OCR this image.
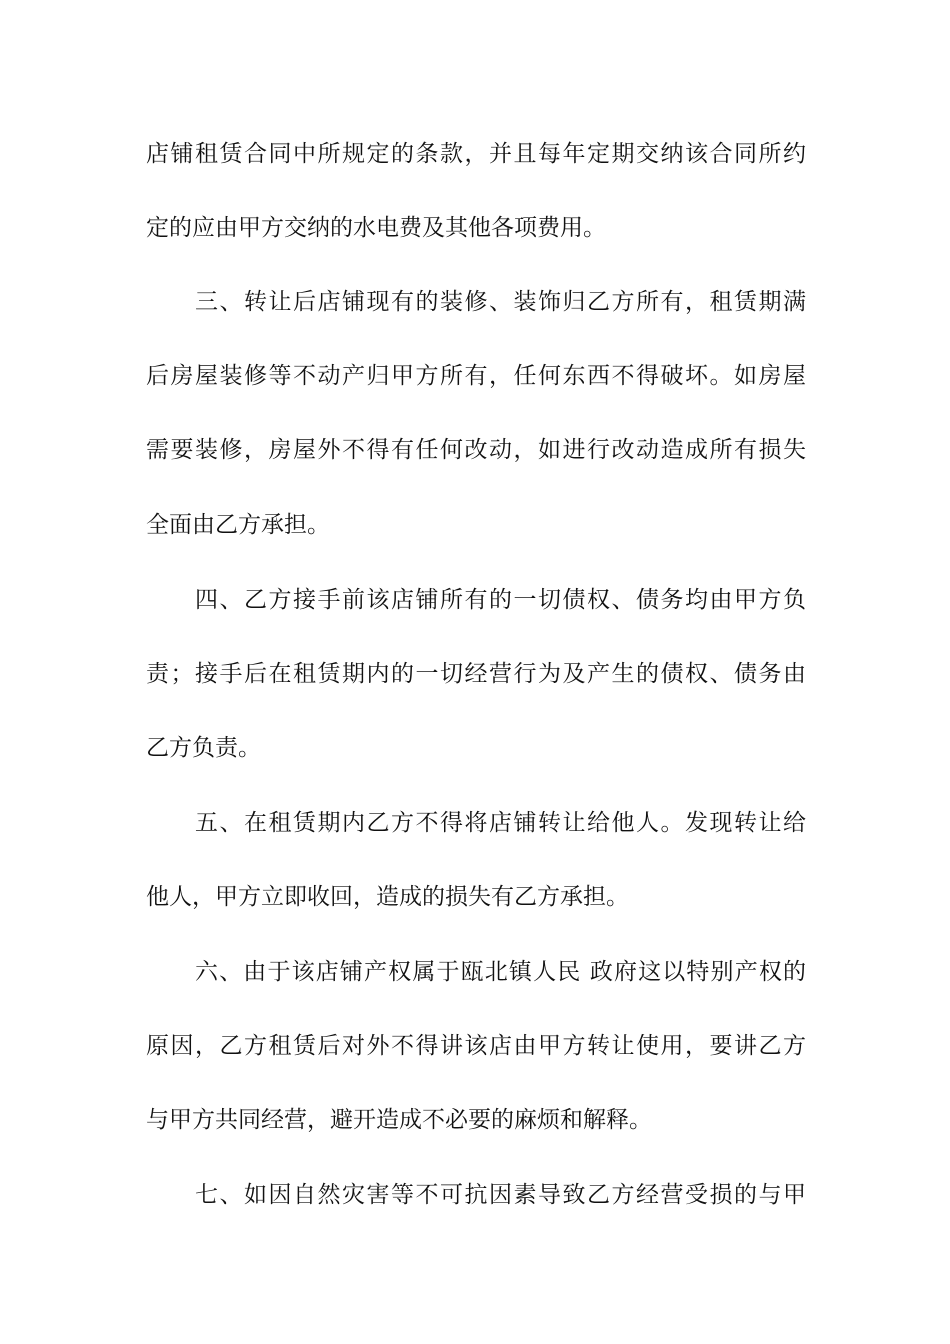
店铺租赁合同中所规定的条款，并且每年定期交纳该合同所约
定的应由甲方交纳的水电费及其他各项费用。
三、转让后店铺现有的装修、装饰归乙方所有，租赁期满
后房屋装修等不动产归甲方所有，任何东西不得破坏。如房屋
需要装修，房屋外不得有任何改动，如进行改动造成所有损失
全面由乙方承担。
四、乙方接手前该店铺所有的一切债权、债务均由甲方负
责；接手后在租赁期内的一切经营行为及产生的债权、债务由
乙方负责。
五、在租赁期内乙方不得将店铺转让给他人。发现转让给
他人，甲方立即收回，造成的损失有乙方承担。
六、由于该店铺产权属于瓯北镇人民 政府这以特别产权的
原因，乙方租赁后对外不得讲该店由甲方转让使用，要讲乙方
与甲方共同经营，避开造成不必要的麻烦和解释。
七、如因自然灾害等不可抗因素导致乙方经营受损的与甲
